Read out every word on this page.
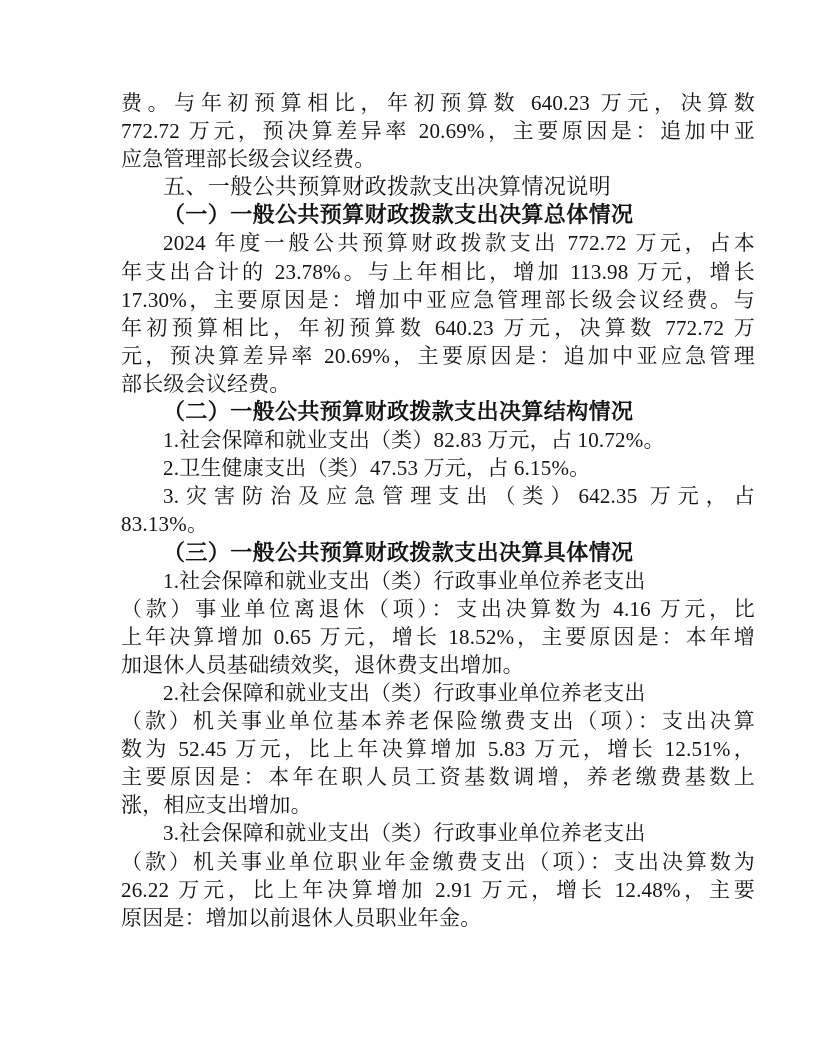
费。与年初预算相比，年初预算数 640.23 万元，决算数
772.72 万元，预决算差异率 20.69%，主要原因是：追加中亚
应急管理部长级会议经费。
五、一般公共预算财政拨款支出决算情况说明
（一）一般公共预算财政拨款支出决算总体情况
2024 年度一般公共预算财政拨款支出 772.72 万元，占本
年支出合计的 23.78%。与上年相比，增加 113.98 万元，增长
17.30%，主要原因是：增加中亚应急管理部长级会议经费。与
年初预算相比，年初预算数 640.23 万元，决算数 772.72 万
元，预决算差异率 20.69%，主要原因是：追加中亚应急管理
部长级会议经费。
（二）一般公共预算财政拨款支出决算结构情况
1.社会保障和就业支出（类）82.83 万元，占 10.72%。
2.卫生健康支出（类）47.53 万元，占 6.15%。
3.灾害防治及应急管理支出（类）642.35 万元，占
83.13%。
（三）一般公共预算财政拨款支出决算具体情况
1.社会保障和就业支出（类）行政事业单位养老支出
（款）事业单位离退休（项）：支出决算数为 4.16 万元，比
上年决算增加 0.65 万元，增长 18.52%，主要原因是：本年增
加退休人员基础绩效奖，退休费支出增加。
2.社会保障和就业支出（类）行政事业单位养老支出
（款）机关事业单位基本养老保险缴费支出（项）：支出决算
数为 52.45 万元，比上年决算增加 5.83 万元，增长 12.51%，
主要原因是：本年在职人员工资基数调增，养老缴费基数上
涨，相应支出增加。
3.社会保障和就业支出（类）行政事业单位养老支出
（款）机关事业单位职业年金缴费支出（项）：支出决算数为
26.22 万元，比上年决算增加 2.91 万元，增长 12.48%，主要
原因是：增加以前退休人员职业年金。
